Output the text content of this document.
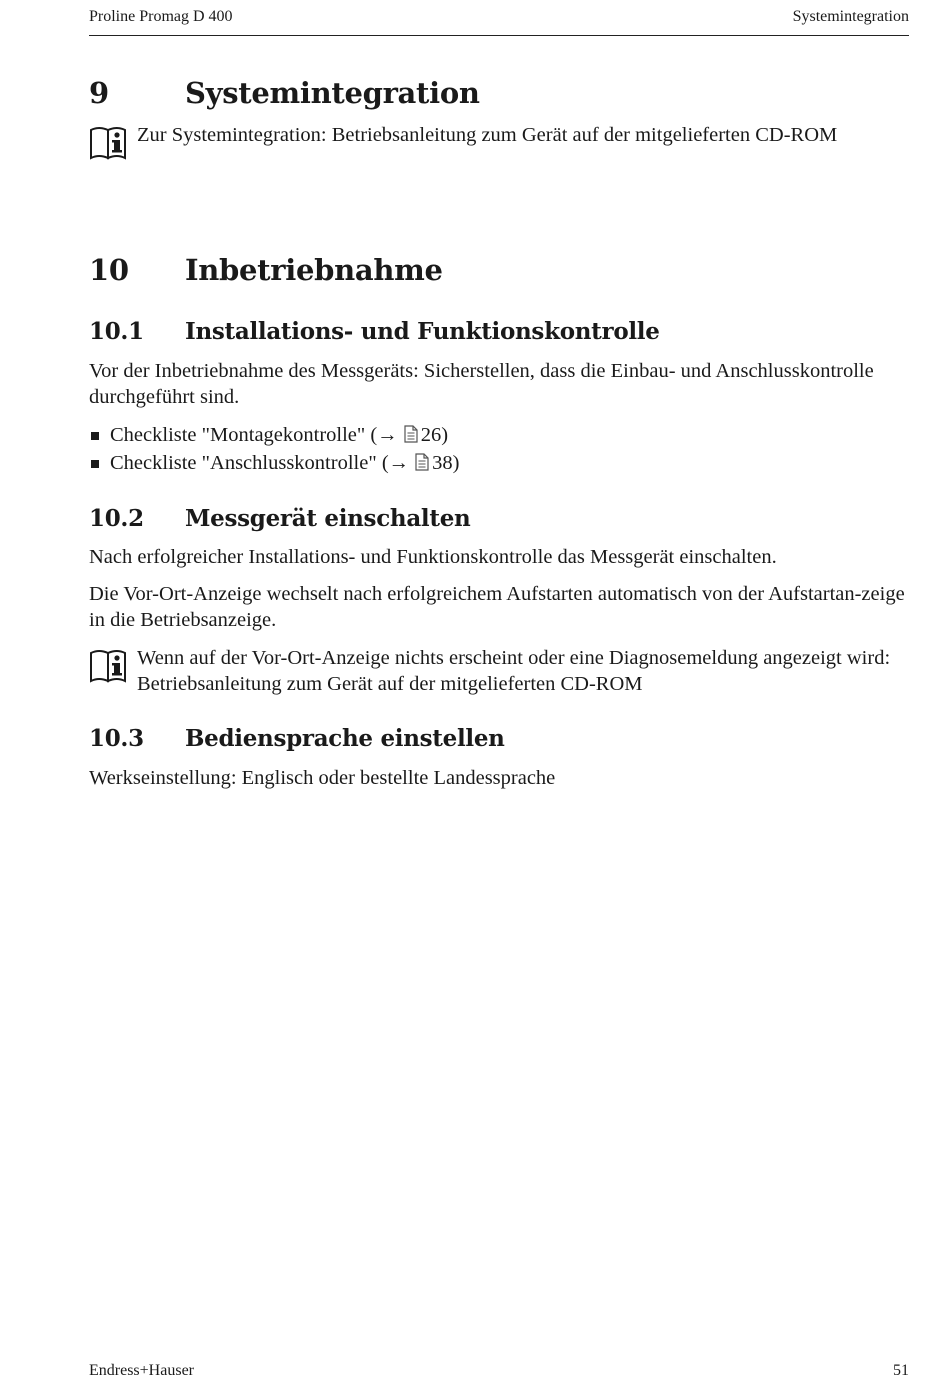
Proline Promag D 400	Systemintegration
9	Systemintegration
Zur Systemintegration: Betriebsanleitung zum Gerät auf der mitgelieferten CD-ROM
10 Inbetriebnahme
10.1 Installations- und Funktionskontrolle
Vor der Inbetriebnahme des Messgeräts: Sicherstellen, dass die Einbau- und Anschlusskontrolle durchgeführt sind.
Checkliste "Montagekontrolle" (→ 26)
Checkliste "Anschlusskontrolle" (→ 38)
10.2 Messgerät einschalten
Nach erfolgreicher Installations- und Funktionskontrolle das Messgerät einschalten.
Die Vor-Ort-Anzeige wechselt nach erfolgreichem Aufstarten automatisch von der Aufstartan-zeige in die Betriebsanzeige.
Wenn auf der Vor-Ort-Anzeige nichts erscheint oder eine Diagnosemeldung angezeigt wird: Betriebsanleitung zum Gerät auf der mitgelieferten CD-ROM
10.3 Bediensprache einstellen
Werkseinstellung: Englisch oder bestellte Landessprache
Endress+Hauser	51
